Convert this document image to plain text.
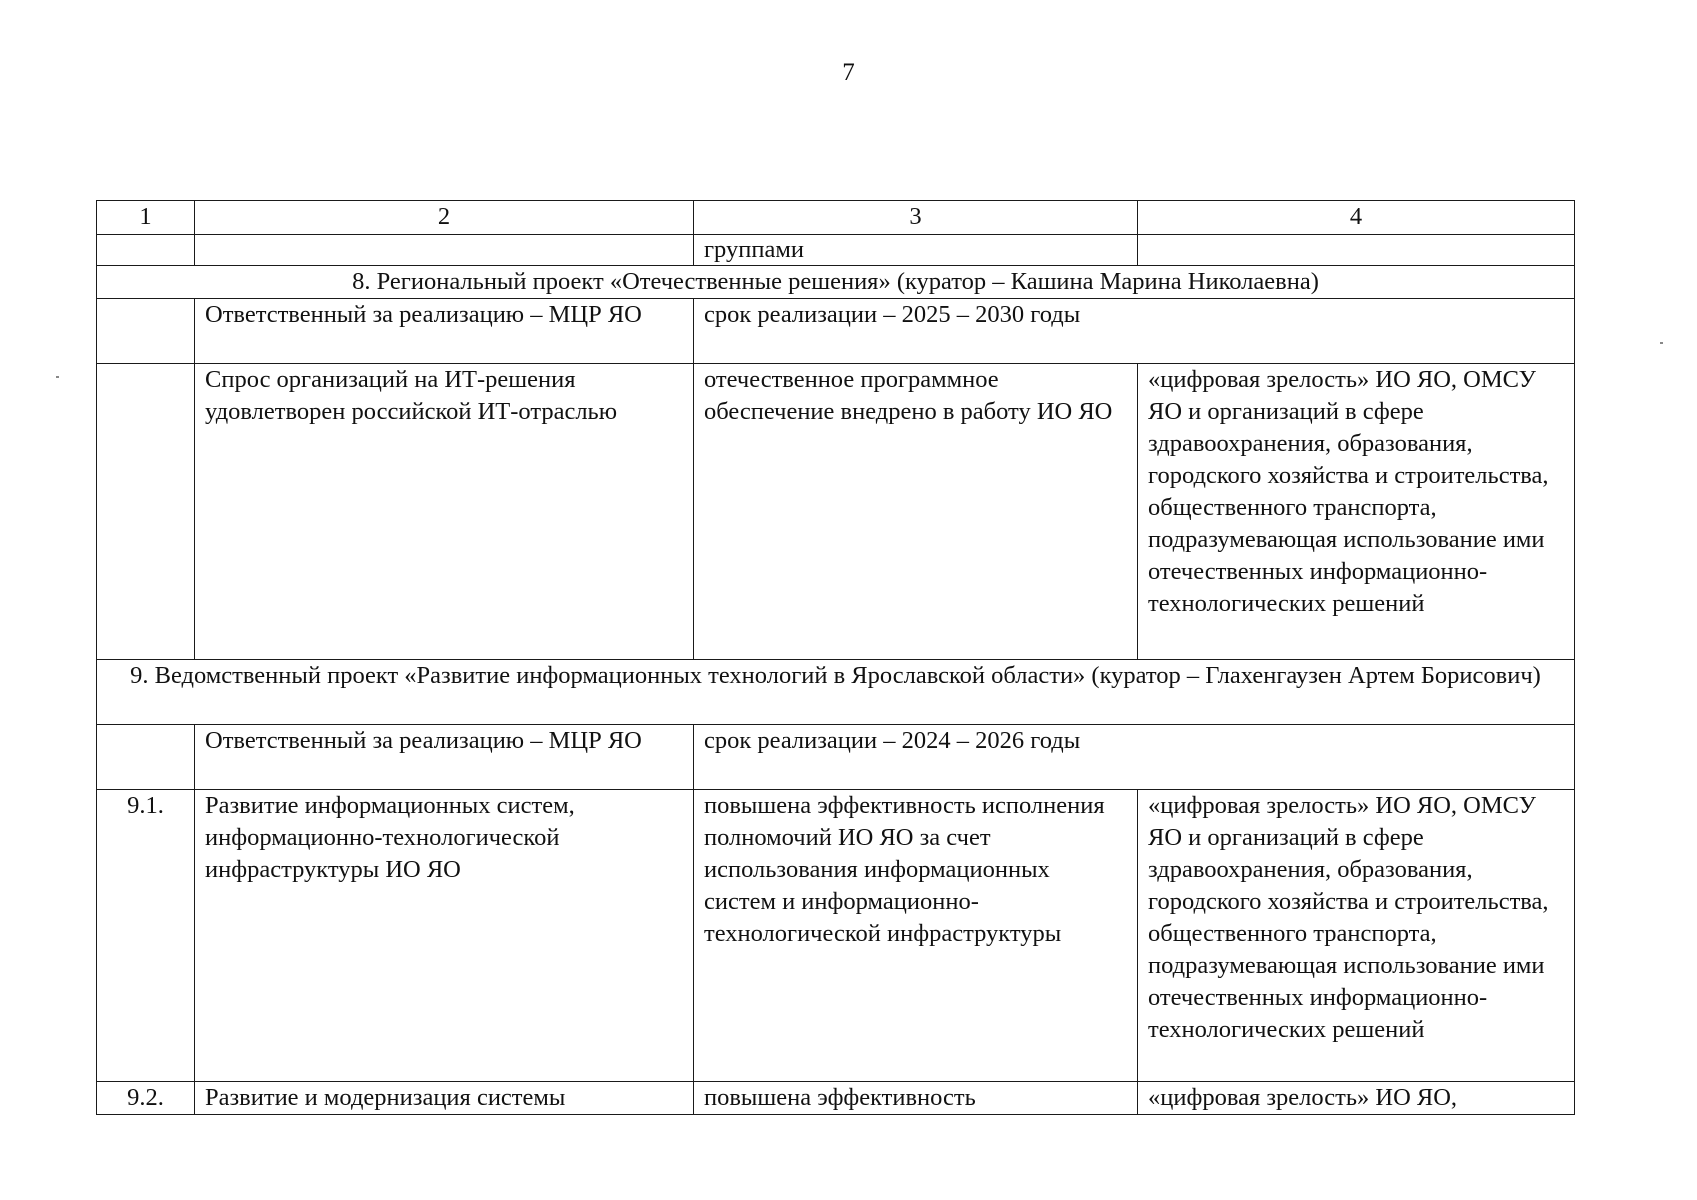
7
1	2	3	4
		группами	
8. Региональный проект «Отечественные решения» (куратор – Кашина Марина Николаевна)			
	Ответственный за реализацию – МЦР ЯО	срок реализации – 2025 – 2030 годы	
	Спрос организаций на ИТ-решения удовлетворен российской ИТ-отраслью	отечественное программное обеспечение внедрено в работу ИО ЯО	«цифровая зрелость» ИО ЯО, ОМСУ ЯО и организаций в сфере здравоохранения, образования, городского хозяйства и строительства, общественного транспорта, подразумевающая использование ими отечественных информационно-технологических решений
9. Ведомственный проект «Развитие информационных технологий в Ярославской области» (куратор – Глахенгаузен Артем Борисович)			
	Ответственный за реализацию – МЦР ЯО	срок реализации – 2024 – 2026 годы	
9.1.	Развитие информационных систем, информационно-технологической инфраструктуры ИО ЯО	повышена эффективность исполнения полномочий ИО ЯО за счет использования информационных систем и информационно-технологической инфраструктуры	«цифровая зрелость» ИО ЯО, ОМСУ ЯО и организаций в сфере здравоохранения, образования, городского хозяйства и строительства, общественного транспорта, подразумевающая использование ими отечественных информационно-технологических решений
9.2.	Развитие и модернизация системы	повышена эффективность	«цифровая зрелость» ИО ЯО,
